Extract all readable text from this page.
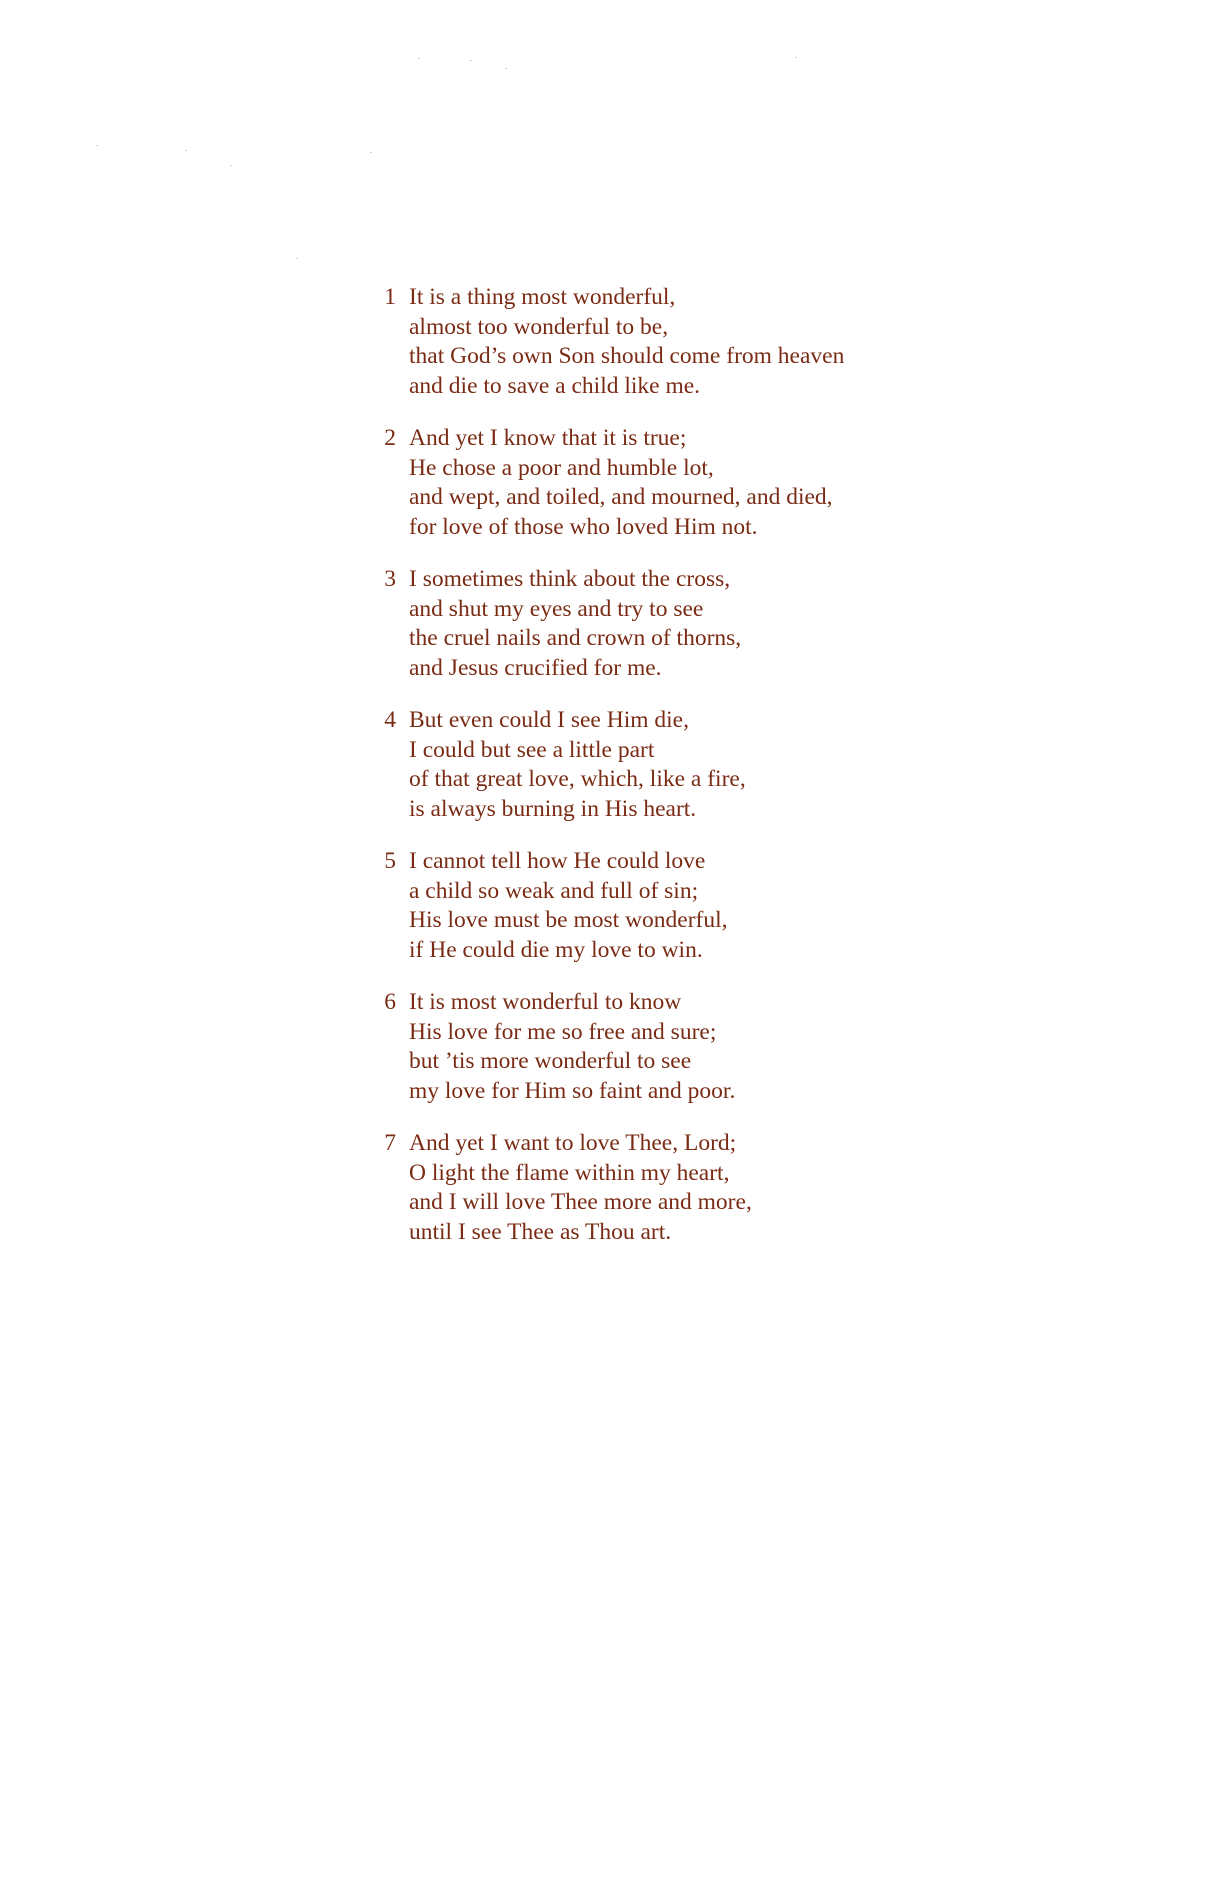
1 It is a thing most wonderful,
almost too wonderful to be,
that God’s own Son should come from heaven
and die to save a child like me.
2 And yet I know that it is true;
He chose a poor and humble lot,
and wept, and toiled, and mourned, and died,
for love of those who loved Him not.
3 I sometimes think about the cross,
and shut my eyes and try to see
the cruel nails and crown of thorns,
and Jesus crucified for me.
4 But even could I see Him die,
I could but see a little part
of that great love, which, like a fire,
is always burning in His heart.
5 I cannot tell how He could love
a child so weak and full of sin;
His love must be most wonderful,
if He could die my love to win.
6 It is most wonderful to know
His love for me so free and sure;
but ’tis more wonderful to see
my love for Him so faint and poor.
7 And yet I want to love Thee, Lord;
O light the flame within my heart,
and I will love Thee more and more,
until I see Thee as Thou art.
